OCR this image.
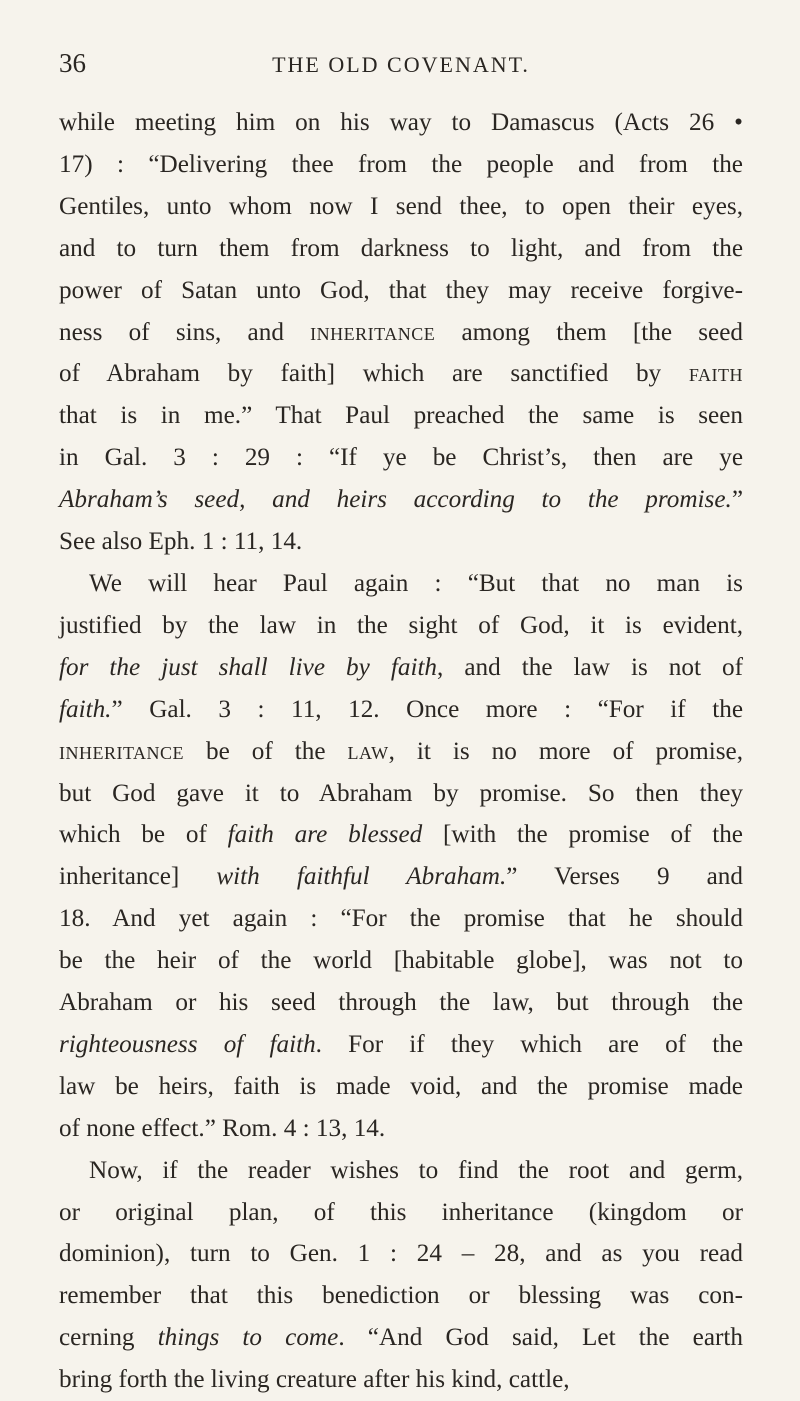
36	THE OLD COVENANT.
while meeting him on his way to Damascus (Acts 26 •
17) : “Delivering thee from the people and from the
Gentiles, unto whom now I send thee, to open their eyes,
and to turn them from darkness to light, and from the
power of Satan unto God, that they may receive forgive-
ness of sins, and inheritance among them [the seed
of Abraham by faith] which are sanctified by faith
that is in me.” That Paul preached the same is seen
in Gal. 3 : 29 : “If ye be Christ’s, then are ye
Abraham’s seed, and heirs according to the promise.”
See also Eph. 1 : 11, 14.
We will hear Paul again : “But that no man is
justified by the law in the sight of God, it is evident,
for the just shall live by faith, and the law is not of
faith.” Gal. 3 : 11, 12. Once more : “For if the
inheritance be of the law, it is no more of promise,
but God gave it to Abraham by promise. So then they
which be of faith are blessed [with the promise of the
inheritance] with faithful Abraham.” Verses 9 and
18. And yet again : “For the promise that he should
be the heir of the world [habitable globe], was not to
Abraham or his seed through the law, but through the
righteousness of faith. For if they which are of the
law be heirs, faith is made void, and the promise made
of none effect.” Rom. 4 : 13, 14.
Now, if the reader wishes to find the root and germ,
or original plan, of this inheritance (kingdom or
dominion), turn to Gen. 1 : 24 – 28, and as you read
remember that this benediction or blessing was con-
cerning things to come. “And God said, Let the earth
bring forth the living creature after his kind, cattle,
